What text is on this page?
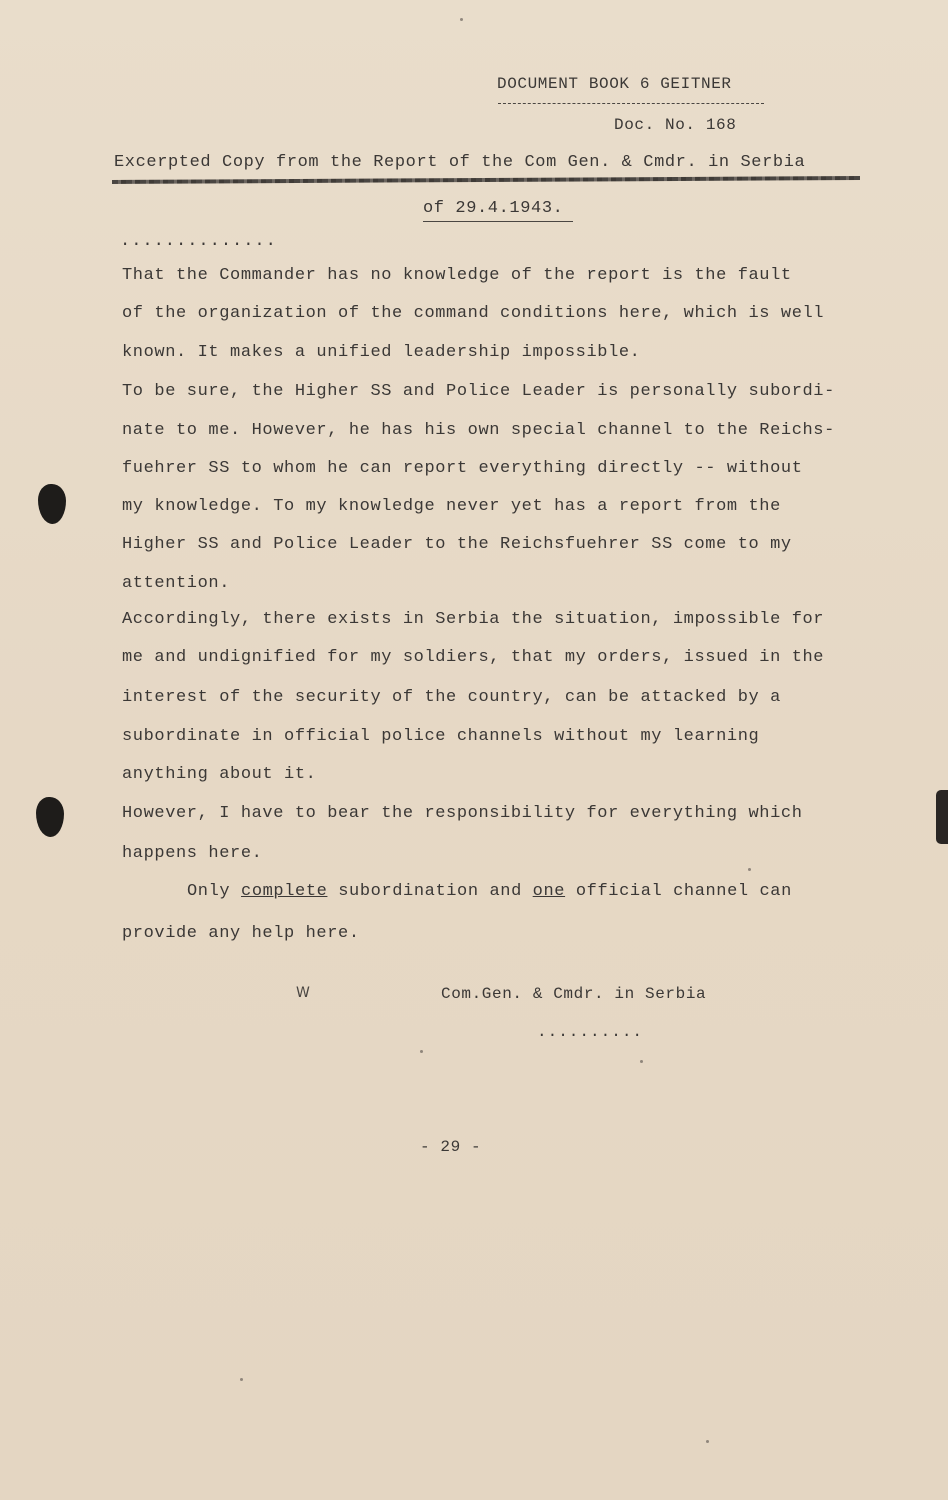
DOCUMENT BOOK 6 GEITNER
Doc. No. 168
Excerpted Copy from the Report of the Com Gen. & Cmdr. in Serbia
of 29.4.1943.
..............
That the Commander has no knowledge of the report is the fault
of the organization of the command conditions here, which is well
known. It makes a unified leadership impossible.
To be sure, the Higher SS and Police Leader is personally subordi-
nate to me. However, he has his own special channel to the Reichs-
fuehrer SS to whom he can report everything directly -- without
my knowledge. To my knowledge never yet has a report from the
Higher SS and Police Leader to the Reichsfuehrer SS come to my
attention.
Accordingly, there exists in Serbia the situation, impossible for
me and undignified for my soldiers, that my orders, issued in the
interest of the security of the country, can be attacked by a
subordinate in official police channels without my learning
anything about it.
However, I have to bear the responsibility for everything which
happens here.
Only complete subordination and one official channel can
provide any help here.
W	Com.Gen. & Cmdr. in Serbia
..........
- 29 -
